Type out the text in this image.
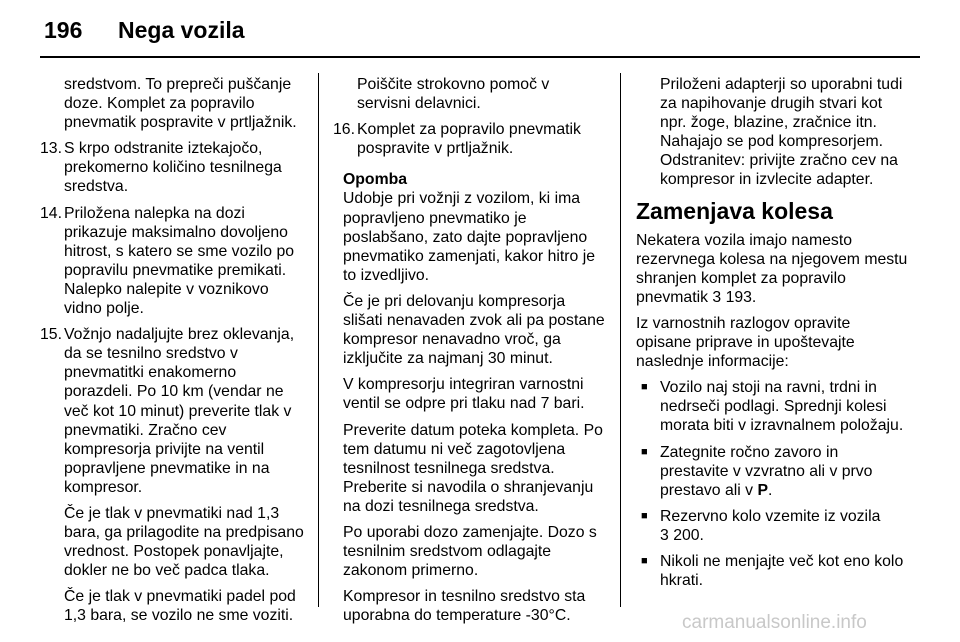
196 Nega vozila

sredstvom. To prepreči puščanje doze. Komplet za popravilo pnevmatik pospravite v prtljažnik.

13. S krpo odstranite iztekajočo, prekomerno količino tesnilnega sredstva.
14. Priložena nalepka na dozi prikazuje maksimalno dovoljeno hitrost, s katero se sme vozilo po popravilu pnevmatike premikati. Nalepko nalepite v voznikovo vidno polje.
15. Vožnjo nadaljujte brez oklevanja, da se tesnilno sredstvo v pnevmatitki enakomerno porazdeli. Po 10 km (vendar ne več kot 10 minut) preverite tlak v pnevmatiki. Zračno cev kompresorja privijte na ventil popravljene pnevmatike in na kompresor.
Če je tlak v pnevmatiki nad 1,3 bara, ga prilagodite na predpisano vrednost. Postopek ponavljajte, dokler ne bo več padca tlaka.
Če je tlak v pnevmatiki padel pod 1,3 bara, se vozilo ne sme voziti.

Poiščite strokovno pomoč v servisni delavnici.

16. Komplet za popravilo pnevmatik pospravite v prtljažnik.

Opomba

Udobje pri vožnji z vozilom, ki ima popravljeno pnevmatiko je poslabšano, zato dajte popravljeno pnevmatiko zamenjati, kakor hitro je to izvedljivo.

Če je pri delovanju kompresorja slišati nenavaden zvok ali pa postane kompresor nenavadno vroč, ga izključite za najmanj 30 minut.

V kompresorju integriran varnostni ventil se odpre pri tlaku nad 7 bari.

Preverite datum poteka kompleta. Po tem datumu ni več zagotovljena tesnilnost tesnilnega sredstva. Preberite si navodila o shranjevanju na dozi tesnilnega sredstva.

Po uporabi dozo zamenjajte. Dozo s tesnilnim sredstvom odlagajte zakonom primerno.

Kompresor in tesnilno sredstvo sta uporabna do temperature -30°C.

Priloženi adapterji so uporabni tudi za napihovanje drugih stvari kot npr. žoge, blazine, zračnice itn. Nahajajo se pod kompresorjem. Odstranitev: privijte zračno cev na kompresor in izvlecite adapter.

Zamenjava kolesa

Nekatera vozila imajo namesto rezervnega kolesa na njegovem mestu shranjen komplet za popravilo pnevmatik 3 193.

Iz varnostnih razlogov opravite opisane priprave in upoštevajte naslednje informacije:

■ Vozilo naj stoji na ravni, trdni in nedrseči podlagi. Sprednji kolesi morata biti v izravnalnem položaju.
■ Zategnite ročno zavoro in prestavite v vzvratno ali v prvo prestavo ali v P.
■ Rezervno kolo vzemite iz vozila
3 200.
■ Nikoli ne menjajte več kot eno kolo hkrati.
carmanualsonline.info
